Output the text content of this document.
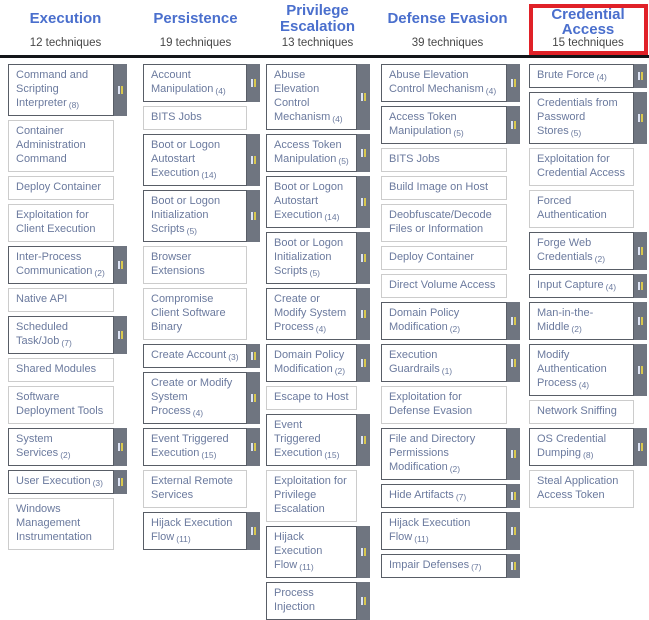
Execution
12 techniques
Persistence
19 techniques
Privilege Escalation
13 techniques
Defense Evasion
39 techniques
Credential Access
15 techniques
Command and Scripting Interpreter (8)
Container Administration Command
Deploy Container
Exploitation for Client Execution
Inter-Process Communication (2)
Native API
Scheduled Task/Job (7)
Shared Modules
Software Deployment Tools
System Services (2)
User Execution (3)
Windows Management Instrumentation
Account Manipulation (4)
BITS Jobs
Boot or Logon Autostart Execution (14)
Boot or Logon Initialization Scripts (5)
Browser Extensions
Compromise Client Software Binary
Create Account (3)
Create or Modify System Process (4)
Event Triggered Execution (15)
External Remote Services
Hijack Execution Flow (11)
Abuse Elevation Control Mechanism (4)
Access Token Manipulation (5)
Boot or Logon Autostart Execution (14)
Boot or Logon Initialization Scripts (5)
Create or Modify System Process (4)
Domain Policy Modification (2)
Escape to Host
Event Triggered Execution (15)
Exploitation for Privilege Escalation
Hijack Execution Flow (11)
Process Injection
Abuse Elevation Control Mechanism (4)
Access Token Manipulation (5)
BITS Jobs
Build Image on Host
Deobfuscate/Decode Files or Information
Deploy Container
Direct Volume Access
Domain Policy Modification (2)
Execution Guardrails (1)
Exploitation for Defense Evasion
File and Directory Permissions Modification (2)
Hide Artifacts (7)
Hijack Execution Flow (11)
Impair Defenses (7)
Brute Force (4)
Credentials from Password Stores (5)
Exploitation for Credential Access
Forced Authentication
Forge Web Credentials (2)
Input Capture (4)
Man-in-the-Middle (2)
Modify Authentication Process (4)
Network Sniffing
OS Credential Dumping (8)
Steal Application Access Token
